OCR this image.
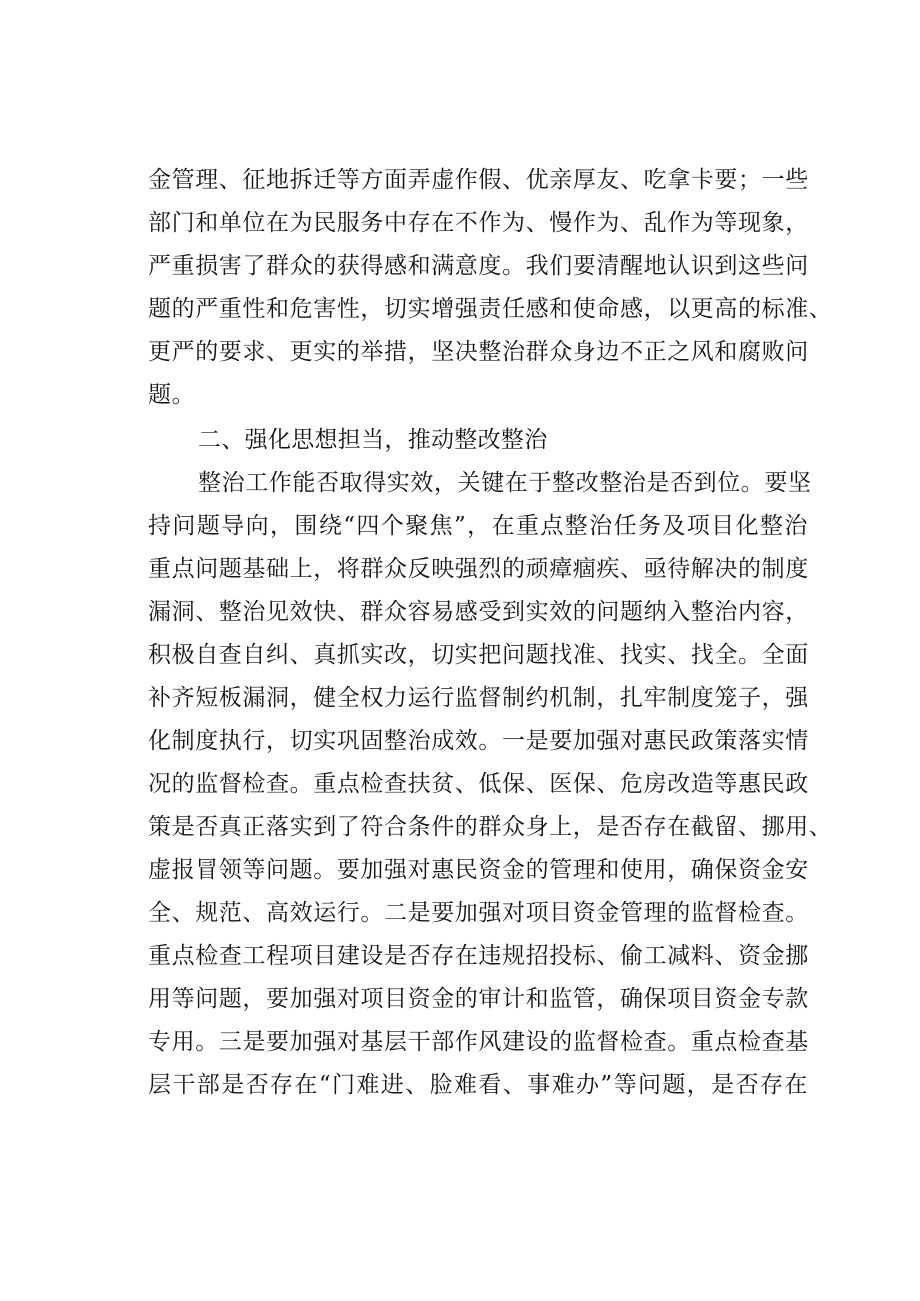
金管理、征地拆迁等方面弄虚作假、优亲厚友、吃拿卡要；一些
部门和单位在为民服务中存在不作为、慢作为、乱作为等现象，
严重损害了群众的获得感和满意度。我们要清醒地认识到这些问
题的严重性和危害性，切实增强责任感和使命感，以更高的标准、
更严的要求、更实的举措，坚决整治群众身边不正之风和腐败问
题。
二、强化思想担当，推动整改整治
整治工作能否取得实效，关键在于整改整治是否到位。要坚
持问题导向，围绕“四个聚焦”，在重点整治任务及项目化整治
重点问题基础上，将群众反映强烈的顽瘴痼疾、亟待解决的制度
漏洞、整治见效快、群众容易感受到实效的问题纳入整治内容，
积极自查自纠、真抓实改，切实把问题找准、找实、找全。全面
补齐短板漏洞，健全权力运行监督制约机制，扎牢制度笼子，强
化制度执行，切实巩固整治成效。一是要加强对惠民政策落实情
况的监督检查。重点检查扶贫、低保、医保、危房改造等惠民政
策是否真正落实到了符合条件的群众身上，是否存在截留、挪用、
虚报冒领等问题。要加强对惠民资金的管理和使用，确保资金安
全、规范、高效运行。二是要加强对项目资金管理的监督检查。
重点检查工程项目建设是否存在违规招投标、偷工减料、资金挪
用等问题，要加强对项目资金的审计和监管，确保项目资金专款
专用。三是要加强对基层干部作风建设的监督检查。重点检查基
层干部是否存在“门难进、脸难看、事难办”等问题，是否存在
